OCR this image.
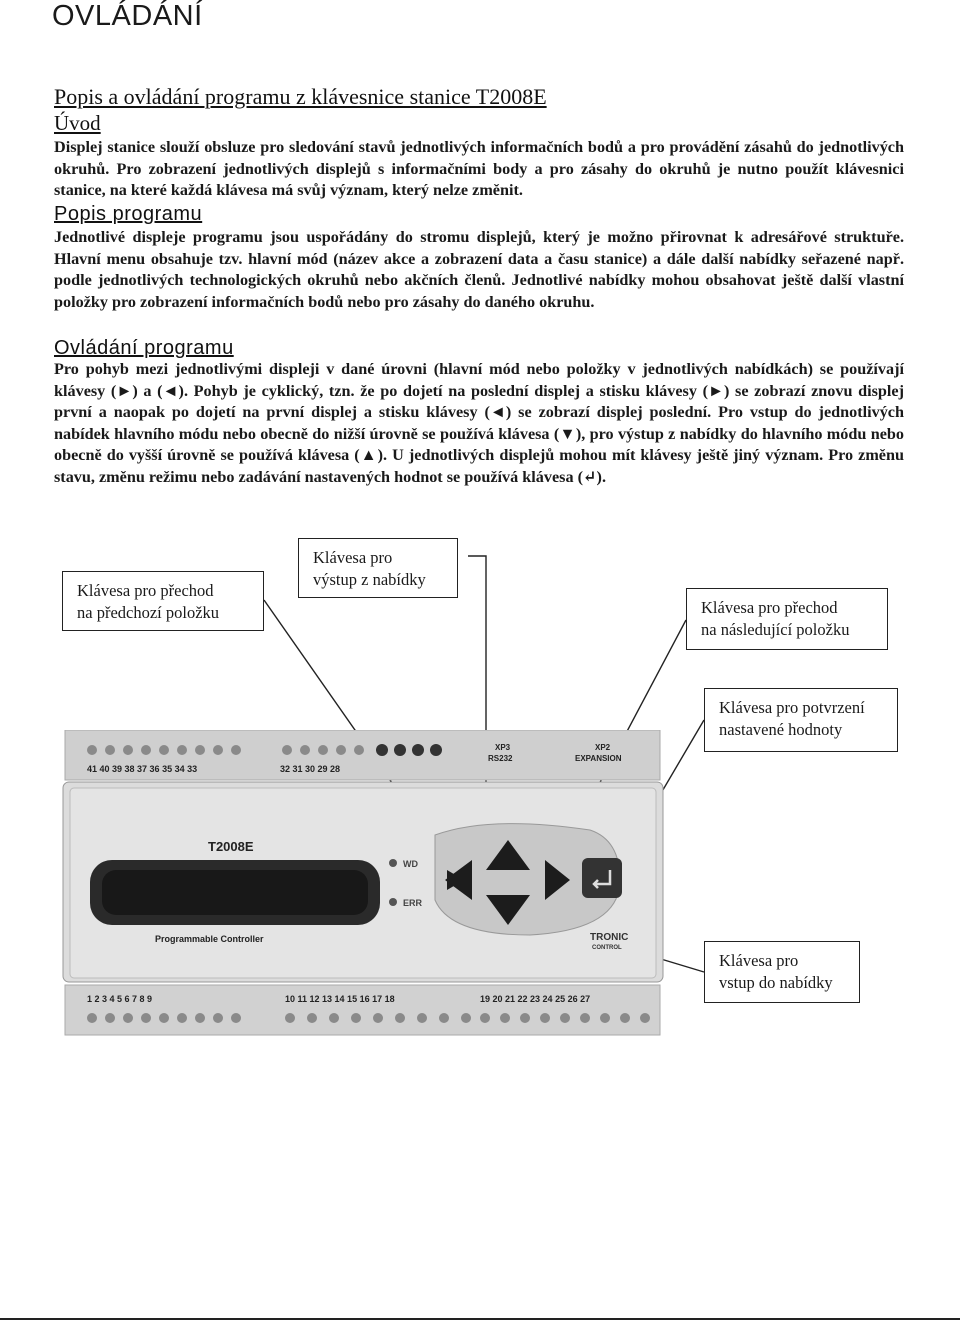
OVLÁDÁNÍ
Popis a ovládání programu z klávesnice stanice T2008E
Úvod

Displej stanice slouží obsluze pro sledování stavů jednotlivých informačních bodů a pro provádění zásahů do jednotlivých okruhů. Pro zobrazení jednotlivých displejů s informačními body a pro zásahy do okruhů je nutno použít klávesnici stanice, na které každá klávesa má svůj význam, který nelze změnit.

Popis programu

Jednotlivé displeje programu jsou uspořádány do stromu displejů, který je možno přirovnat k adresářové struktuře. Hlavní menu obsahuje tzv. hlavní mód (název akce a zobrazení data a času stanice) a dále další nabídky seřazené např. podle jednotlivých technologických okruhů nebo akčních členů. Jednotlivé nabídky mohou obsahovat ještě další vlastní položky pro zobrazení informačních bodů nebo pro zásahy do daného okruhu.

Ovládání programu

Pro pohyb mezi jednotlivými displeji v dané úrovni (hlavní mód nebo položky v jednotlivých nabídkách) se používají klávesy (►) a (◄). Pohyb je cyklický, tzn. že po dojetí na poslední displej a stisku klávesy (►) se zobrazí znovu displej první a naopak po dojetí na první displej a stisku klávesy (◄) se zobrazí displej poslední. Pro vstup do jednotlivých nabídek hlavního módu nebo obecně do nižší úrovně se používá klávesa (▼), pro výstup z nabídky do hlavního módu nebo obecně do vyšší úrovně se používá klávesa (▲). U jednotlivých displejů mohou mít klávesy ještě jiný význam. Pro změnu stavu, změnu režimu nebo zadávání nastavených hodnot se používá klávesa (↵).

Klávesa pro přechod
na předchozí položku
Klávesa pro
výstup z nabídky
Klávesa pro přechod
na následující položku
Klávesa pro potvrzení
nastavené hodnoty
Klávesa pro
vstup do nabídky
41 40 39 38 37 36 35 34 33	32 31 30 29 28
XP3
RS232
XP2
EXPANSION
T2008E
Programmable Controller
WD
ERR
TRONIC
CONTROL
1 2 3 4 5 6 7 8 9	10 11 12 13 14 15 16 17 18	19 20 21 22 23 24 25 26 27
